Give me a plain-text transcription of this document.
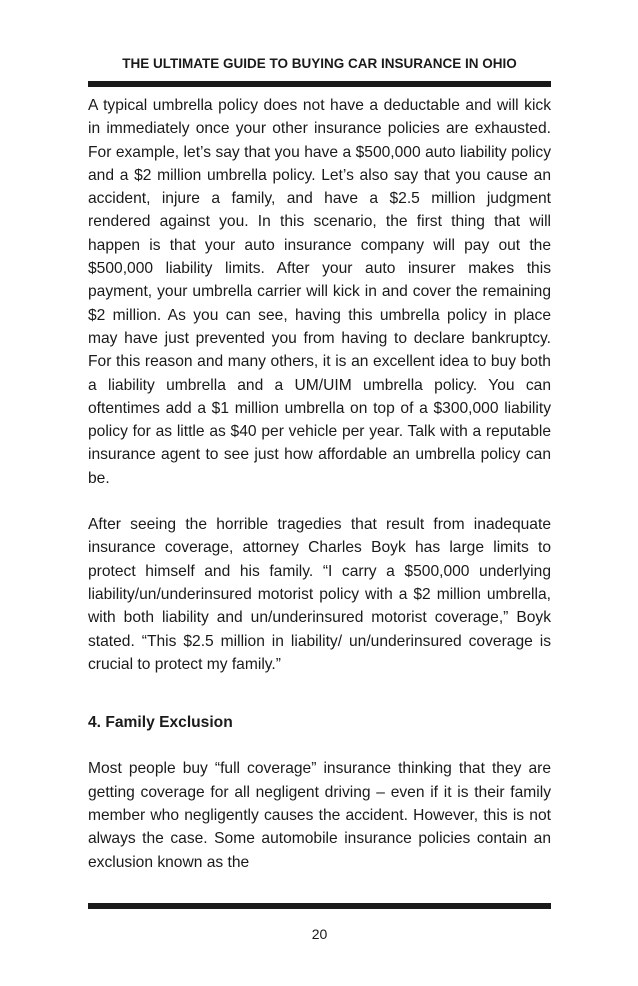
THE ULTIMATE GUIDE TO BUYING CAR INSURANCE IN OHIO

A typical umbrella policy does not have a deductable and will kick in immediately once your other insurance policies are exhausted. For example, let’s say that you have a $500,000 auto liability policy and a $2 million umbrella policy. Let’s also say that you cause an accident, injure a family, and have a $2.5 million judgment rendered against you. In this scenario, the first thing that will happen is that your auto insurance company will pay out the $500,000 liability limits. After your auto insurer makes this payment, your umbrella carrier will kick in and cover the remaining $2 million. As you can see, having this umbrella policy in place may have just prevented you from having to declare bankruptcy. For this reason and many others, it is an excellent idea to buy both a liability umbrella and a UM/UIM umbrella policy. You can oftentimes add a $1 million umbrella on top of a $300,000 liability policy for as little as $40 per vehicle per year. Talk with a reputable insurance agent to see just how affordable an umbrella policy can be.

After seeing the horrible tragedies that result from inadequate insurance coverage, attorney Charles Boyk has large limits to protect himself and his family. “I carry a $500,000 underlying liability/un/underinsured motorist policy with a $2 million umbrella, with both liability and un/underinsured motorist coverage,” Boyk stated. “This $2.5 million in liability/ un/underinsured coverage is crucial to protect my family.”

4. Family Exclusion

Most people buy “full coverage” insurance thinking that they are getting coverage for all negligent driving – even if it is their family member who negligently causes the accident. However, this is not always the case. Some automobile insurance policies contain an exclusion known as the

20
